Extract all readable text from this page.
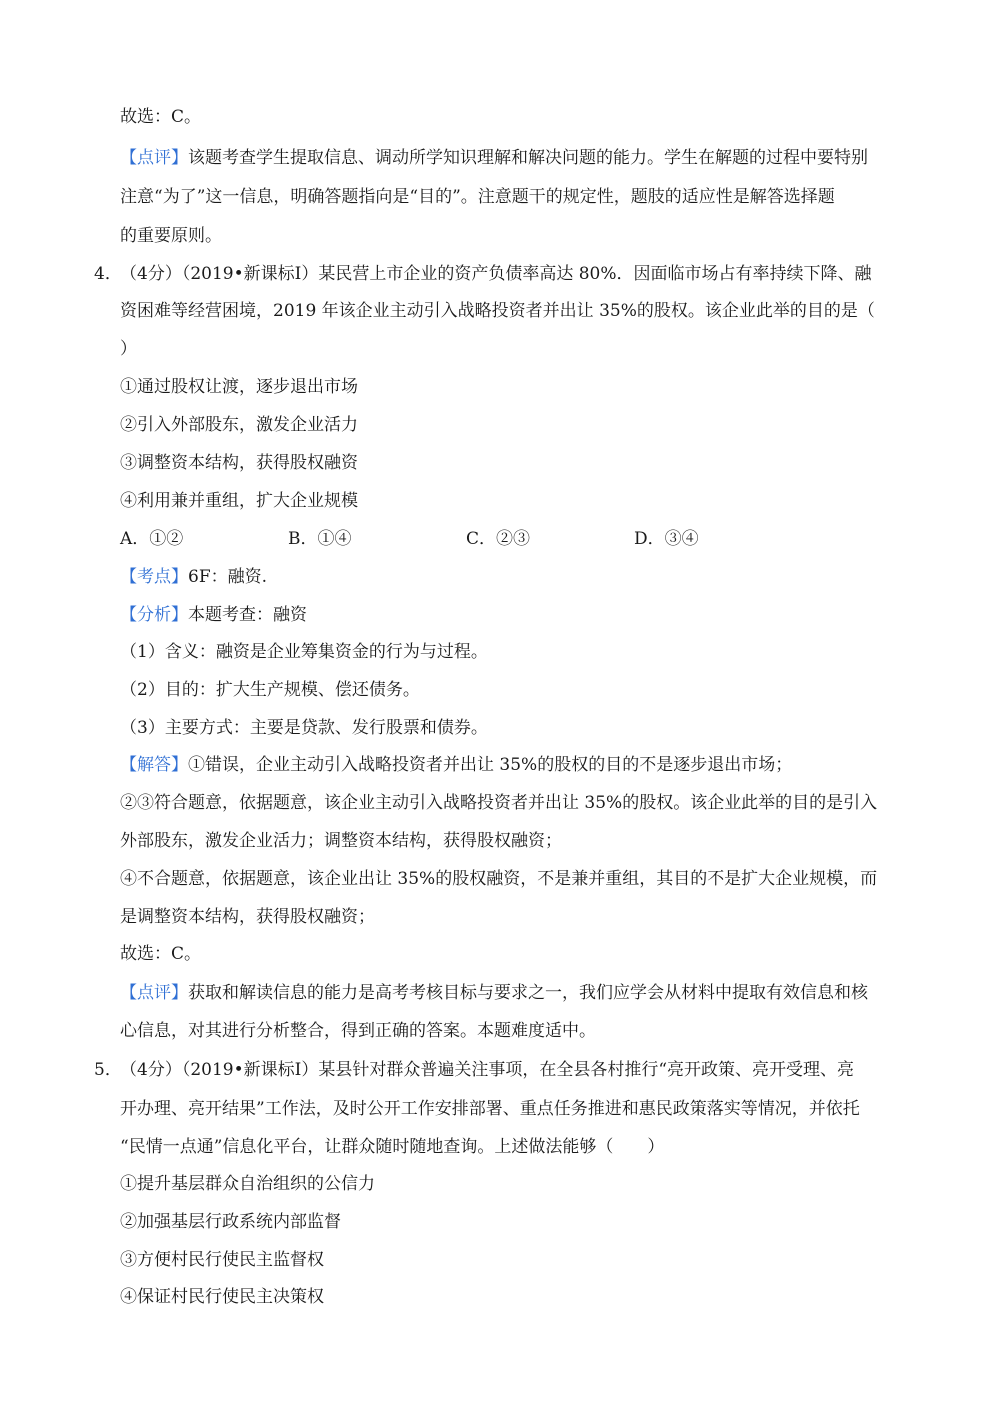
故选：C。
【点评】该题考查学生提取信息、调动所学知识理解和解决问题的能力。学生在解题的过程中要特别
注意“为了”这一信息，明确答题指向是“目的”。注意题干的规定性，题肢的适应性是解答选择题
的重要原则。
4．
（4分）（2019•新课标Ⅰ）某民营上市企业的资产负债率高达 80%．因面临市场占有率持续下降、融
资困难等经营困境，2019 年该企业主动引入战略投资者并出让 35%的股权。该企业此举的目的是（
）
①通过股权让渡，逐步退出市场
②引入外部股东，激发企业活力
③调整资本结构，获得股权融资
④利用兼并重组，扩大企业规模
A．①②	B．①④	C．②③	D．③④
【考点】6F：融资.
【分析】本题考查：融资
（1）含义：融资是企业筹集资金的行为与过程。
（2）目的：扩大生产规模、偿还债务。
（3）主要方式：主要是贷款、发行股票和债券。
【解答】①错误，企业主动引入战略投资者并出让 35%的股权的目的不是逐步退出市场；
②③符合题意，依据题意，该企业主动引入战略投资者并出让 35%的股权。该企业此举的目的是引入
外部股东，激发企业活力；调整资本结构，获得股权融资；
④不合题意，依据题意，该企业出让 35%的股权融资，不是兼并重组，其目的不是扩大企业规模，而
是调整资本结构，获得股权融资；
故选：C。
【点评】获取和解读信息的能力是高考考核目标与要求之一，我们应学会从材料中提取有效信息和核
心信息，对其进行分析整合，得到正确的答案。本题难度适中。
5．
（4分）（2019•新课标Ⅰ）某县针对群众普遍关注事项，在全县各村推行“亮开政策、亮开受理、亮
开办理、亮开结果”工作法，及时公开工作安排部署、重点任务推进和惠民政策落实等情况，并依托
“民情一点通”信息化平台，让群众随时随地查询。上述做法能够（　　）
①提升基层群众自治组织的公信力
②加强基层行政系统内部监督
③方便村民行使民主监督权
④保证村民行使民主决策权
